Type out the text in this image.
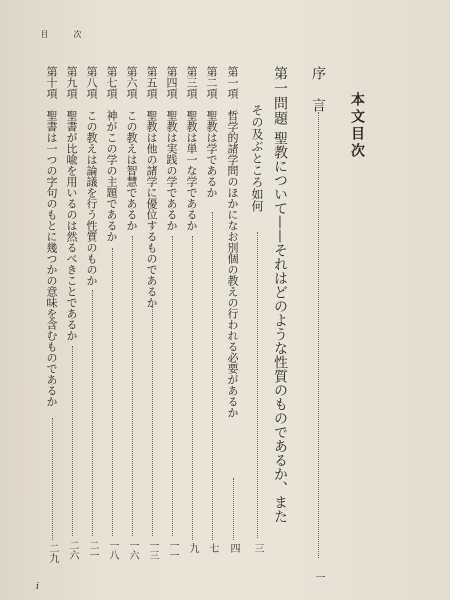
目	次
本文目次
序　言
一
第一問題
聖教について——それはどのような性質のものであるか、また
その及ぶところ如何
三
第一項
哲学的諸学問のほかになお別個の教えの行われる必要があるか
四
第二項
聖教は学であるか
七
第三項
聖教は単一な学であるか
九
第四項
聖教は実践の学であるか
一一
第五項
聖教は他の諸学に優位するものであるか
一三
第六項
この教えは智慧であるか
一六
第七項
神がこの学の主題であるか
一八
第八項
この教えは論議を行う性質のものか
二一
第九項
聖書が比喩を用いるのは然るべきことであるか
二六
第十項
聖書は一つの字句のもとに幾つかの意味を含むものであるか
二九
i
